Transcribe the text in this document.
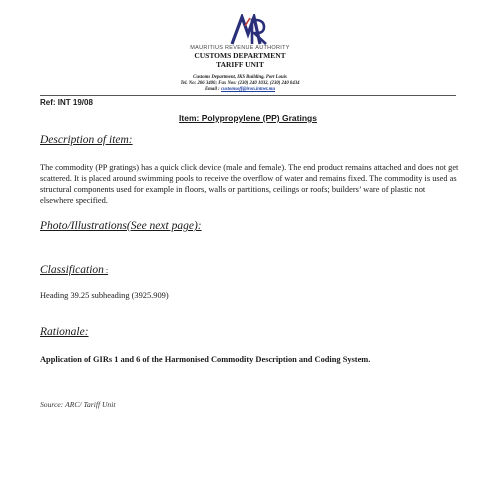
MAURITIUS REVENUE AUTHORITY
CUSTOMS DEPARTMENT
TARIFF UNIT
Customs Department, IKS Building, Port Louis
Tel. No: 206 3400; Fax Nos: (230) 240 1032, (230) 240 0434
Email : customsoff@iron.intnet.mu
Ref: INT 19/08
Item: Polypropylene (PP) Gratings
Description of item:
The commodity (PP gratings) has a quick click device (male and female). The end product remains attached and does not get scattered. It is placed around swimming pools to receive the overflow of water and remains fixed. The commodity is used as structural components used for example in floors, walls or partitions, ceilings or roofs; builders’ ware of plastic not elsewhere specified.
Photo/Illustrations(See next page):
Classification :
Heading 39.25 subheading (3925.909)
Rationale:
Application of GIRs 1 and 6 of the Harmonised Commodity Description and Coding System.
Source: ARC/ Tariff Unit
